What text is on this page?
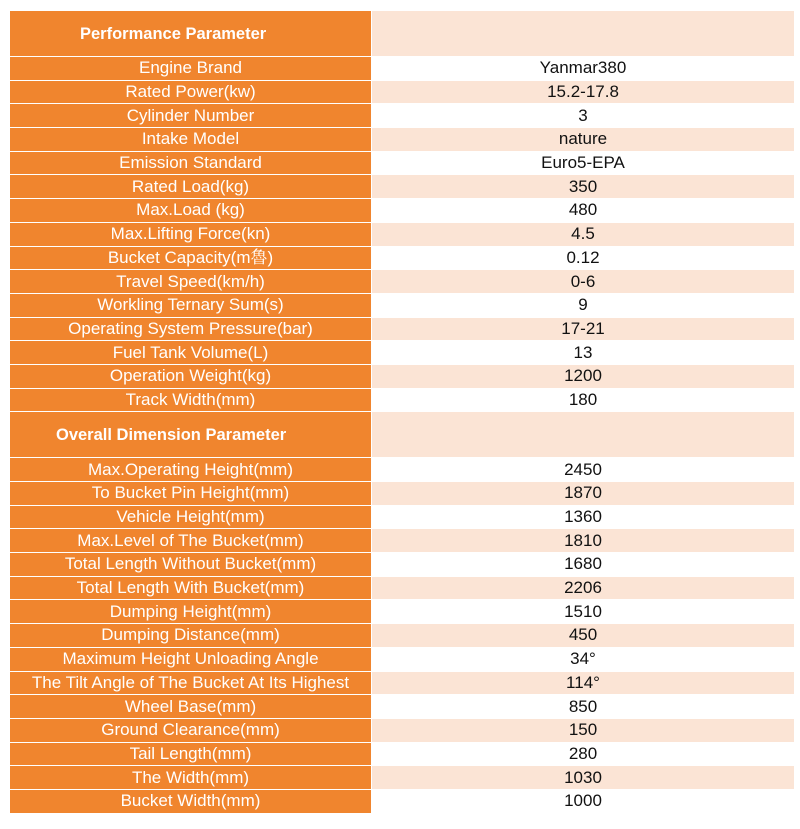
Performance Parameter	
Engine Brand	Yanmar380
Rated Power(kw)	15.2-17.8
Cylinder Number	3
Intake Model	nature
Emission Standard	Euro5-EPA
Rated Load(kg)	350
Max.Load (kg)	480
Max.Lifting Force(kn)	4.5
Bucket Capacity(m魯)	0.12
Travel Speed(km/h)	0-6
Workling Ternary Sum(s)	9
Operating System Pressure(bar)	17-21
Fuel Tank Volume(L)	13
Operation Weight(kg)	1200
Track Width(mm)	180
Overall Dimension Parameter	
Max.Operating Height(mm)	2450
To Bucket Pin Height(mm)	1870
Vehicle Height(mm)	1360
Max.Level of The Bucket(mm)	1810
Total Length Without Bucket(mm)	1680
Total Length With Bucket(mm)	2206
Dumping Height(mm)	1510
Dumping Distance(mm)	450
Maximum Height Unloading Angle	34°
The Tilt Angle of The Bucket At Its Highest	114°
Wheel Base(mm)	850
Ground Clearance(mm)	150
Tail Length(mm)	280
The Width(mm)	1030
Bucket Width(mm)	1000
